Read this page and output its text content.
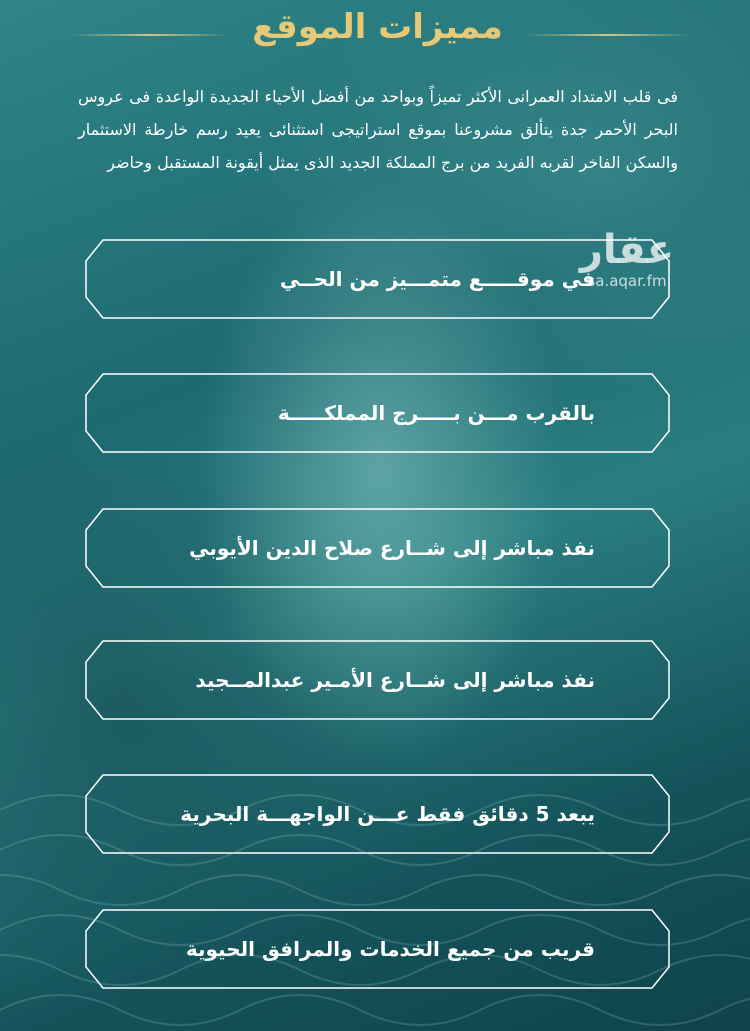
مميزات الموقع
فى قلب الامتداد العمرانى الأكثر تميزاً وبواحد من أفضل الأحياء الجديدة الواعدة فى عروس البحر الأحمر جدة يتألق مشروعنا بموقع استراتيجى استثنائى يعيد رسم خارطة الاستثمار والسكن الفاخر لقربه الفريد من برج المملكة الجديد الذى يمثل أيقونة المستقبل وحاضر
عقار
sa.aqar.fm
في موقـــــع متمـــيز من الحــي
بالقرب مـــن بـــــرج المملكـــــة
نفذ مباشر إلى شــارع صلاح الدين الأيوبي
نفذ مباشر إلى شــارع الأمـير عبدالمــجيد
يبعد 5 دقائق فقط عـــن الواجهـــة البحرية
قريب من جميع الخدمات والمرافق الحيوية
